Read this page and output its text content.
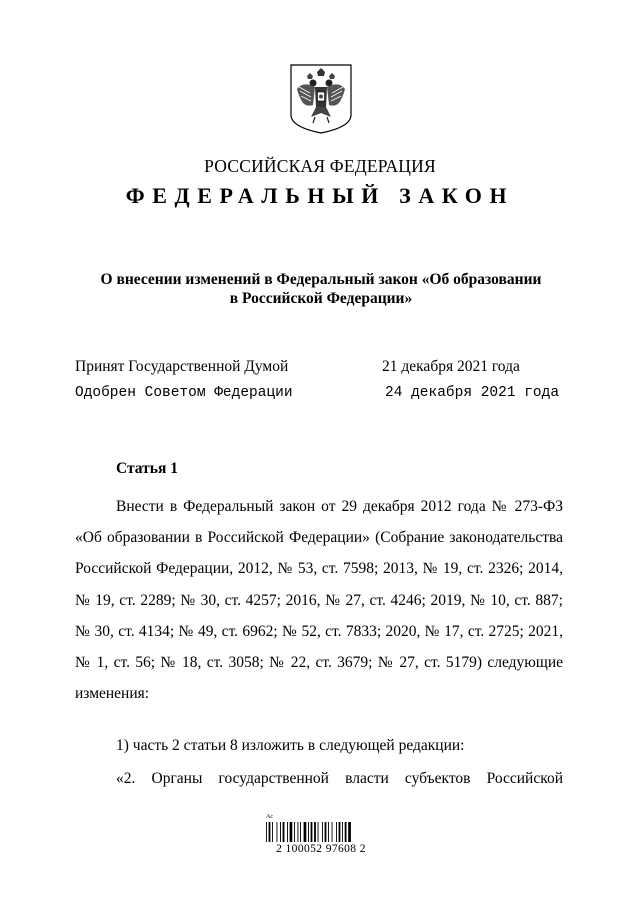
РОССИЙСКАЯ ФЕДЕРАЦИЯ
ФЕДЕРАЛЬНЫЙ ЗАКОН
О внесении изменений в Федеральный закон «Об образовании
в Российской Федерации»
Принят Государственной Думой	21 декабря 2021 года
Одобрен Советом Федерации	24 декабря 2021 года
Статья 1
Внести в Федеральный закон от 29 декабря 2012 года № 273-ФЗ «Об образовании в Российской Федерации» (Собрание законодательства Российской Федерации, 2012, № 53, ст. 7598; 2013, № 19, ст. 2326; 2014, № 19, ст. 2289; № 30, ст. 4257; 2016, № 27, ст. 4246; 2019, № 10, ст. 887; № 30, ст. 4134; № 49, ст. 6962; № 52, ст. 7833; 2020, № 17, ст. 2725; 2021, № 1, ст. 56; № 18, ст. 3058; № 22, ст. 3679; № 27, ст. 5179) следующие изменения:
1) часть 2 статьи 8 изложить в следующей редакции:
«2. Органы государственной власти субъектов Российской
Ac
2 100052 97608 2
